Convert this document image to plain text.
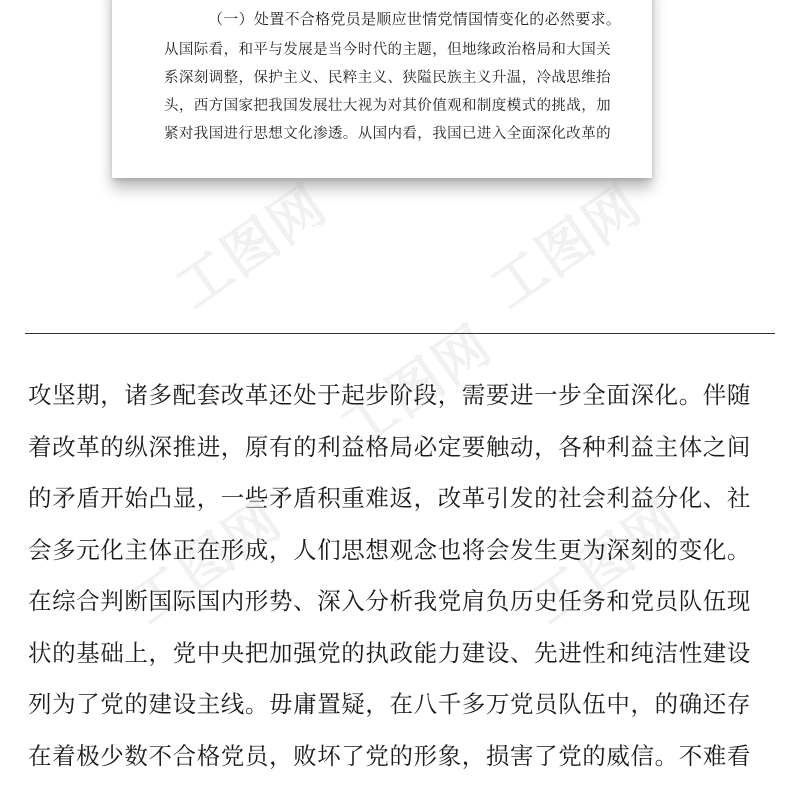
（一）处置不合格党员是顺应世情党情国情变化的必然要求。
从国际看，和平与发展是当今时代的主题，但地缘政治格局和大国关
系深刻调整，保护主义、民粹主义、狭隘民族主义升温，冷战思维抬
头，西方国家把我国发展壮大视为对其价值观和制度模式的挑战，加
紧对我国进行思想文化渗透。从国内看，我国已进入全面深化改革的
工图网	工图网
工图网
工图网	工图网
攻坚期，诸多配套改革还处于起步阶段，需要进一步全面深化。伴随
着改革的纵深推进，原有的利益格局必定要触动，各种利益主体之间
的矛盾开始凸显，一些矛盾积重难返，改革引发的社会利益分化、社
会多元化主体正在形成，人们思想观念也将会发生更为深刻的变化。
在综合判断国际国内形势、深入分析我党肩负历史任务和党员队伍现
状的基础上，党中央把加强党的执政能力建设、先进性和纯洁性建设
列为了党的建设主线。毋庸置疑，在八千多万党员队伍中，的确还存
在着极少数不合格党员，败坏了党的形象，损害了党的威信。不难看
